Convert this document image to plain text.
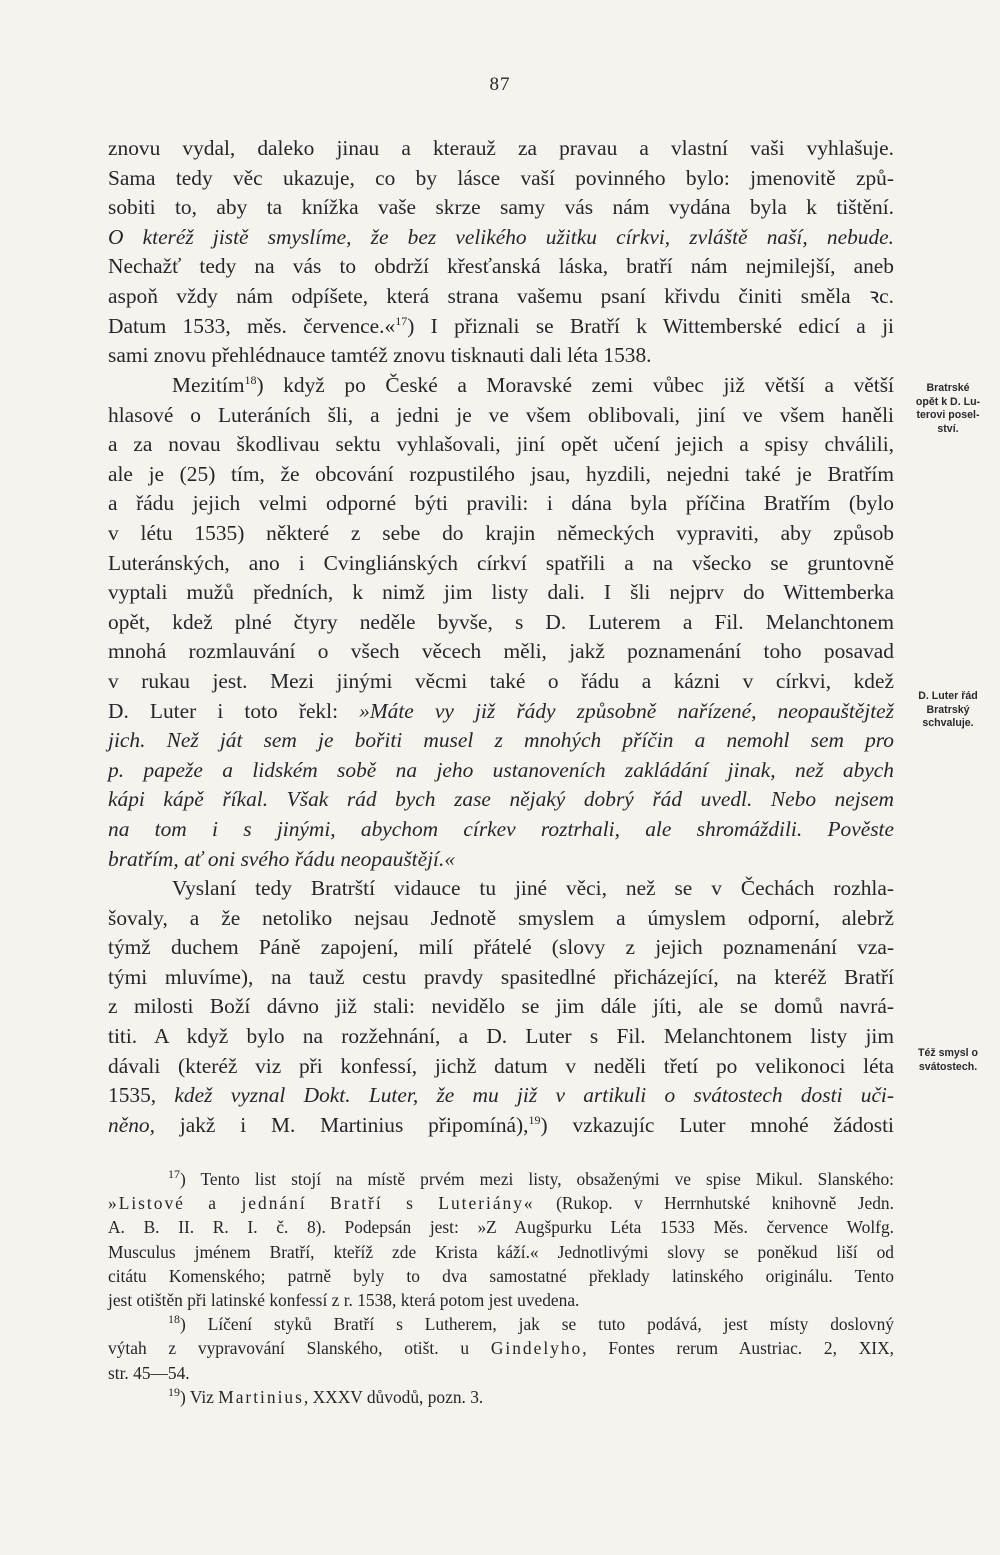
87
znovu vydal, daleko jinau a kterauž za pravau a vlastní vaši vyhlašuje.
Sama tedy věc ukazuje, co by lásce vaší povinného bylo: jmenovitě způ-
sobiti to, aby ta knížka vaše skrze samy vás nám vydána byla k tištění.
O kteréž jistě smyslíme, že bez velikého užitku církvi, zvláště naší, nebude.
Nechažť tedy na vás to obdrží křesťanská láska, bratří nám nejmilejší, aneb
aspoň vždy nám odpíšete, která strana vašemu psaní křivdu činiti směla ꝛc.
Datum 1533, měs. července.«$^{17}$) I přiznali se Bratří k Wittemberské edicí a ji
sami znovu přehlédnauce tamtéž znovu tisknauti dali léta 1538.
Mezitím$^{18}$) když po České a Moravské zemi vůbec již větší a větší
hlasové o Luteráních šli, a jedni je ve všem oblibovali, jiní ve všem haněli
a za novau škodlivau sektu vyhlašovali, jiní opět učení jejich a spisy chválili,
ale je (25) tím, že obcování rozpustilého jsau, hyzdili, nejedni také je Bratřím
a řádu jejich velmi odporné býti pravili: i dána byla příčina Bratřím (bylo
v létu 1535) některé z sebe do krajin německých vypraviti, aby způsob
Luteránských, ano i Cvingliánských církví spatřili a na všecko se gruntovně
vyptali mužů předních, k nimž jim listy dali. I šli nejprv do Wittemberka
opět, kdež plné čtyry neděle byvše, s D. Luterem a Fil. Melanchtonem
mnohá rozmlauvání o všech věcech měli, jakž poznamenání toho posavad
v rukau jest. Mezi jinými věcmi také o řádu a kázni v církvi, kdež
D. Luter i toto řekl: »Máte vy již řády způsobně nařízené, neopauštějtež
jich. Než ját sem je bořiti musel z mnohých příčin a nemohl sem pro
p. papeže a lidském sobě na jeho ustanoveních zakládání jinak, než abych
kápi kápě říkal. Však rád bych zase nějaký dobrý řád uvedl. Nebo nejsem
na tom i s jinými, abychom církev roztrhali, ale shromáždili. Pověste
bratřím, ať oni svého řádu neopauštějí.«
Vyslaní tedy Bratrští vidauce tu jiné věci, než se v Čechách rozhla-
šovaly, a že netoliko nejsau Jednotě smyslem a úmyslem odporní, alebrž
týmž duchem Páně zapojení, milí přátelé (slovy z jejich poznamenání vza-
tými mluvíme), na tauž cestu pravdy spasitedlné přicházející, na kteréž Bratří
z milosti Boží dávno již stali: nevidělo se jim dále jíti, ale se domů navrá-
titi. A když bylo na rozžehnání, a D. Luter s Fil. Melanchtonem listy jim
dávali (kteréž viz při konfessí, jichž datum v neděli třetí po velikonoci léta
1535, kdež vyznal Dokt. Luter, že mu již v artikuli o svátostech dosti uči-
něno, jakž i M. Martinius připomíná),$^{19}$) vzkazujíc Luter mnohé žádosti
$^{17}$) Tento list stojí na místě prvém mezi listy, obsaženými ve spise Mikul. Slanského:
»Listové a jednání Bratří s Luteriány« (Rukop. v Herrnhutské knihovně Jedn.
A. B. II. R. I. č. 8). Podepsán jest: »Z Augšpurku Léta 1533 Měs. července Wolfg.
Musculus jménem Bratří, kteříž zde Krista káží.« Jednotlivými slovy se poněkud liší od
citátu Komenského; patrně byly to dva samostatné překlady latinského originálu. Tento
jest otištěn při latinské konfessí z r. 1538, která potom jest uvedena.
$^{18}$) Líčení styků Bratří s Lutherem, jak se tuto podává, jest místy doslovný
výtah z vypravování Slanského, otišt. u Gindelyho, Fontes rerum Austriac. 2, XIX,
str. 45—54.
$^{19}$) Viz Martinius, XXXV důvodů, pozn. 3.
Bratrské
opět k D. Lu-
terovi posel-
ství.
D. Luter řád
Bratrský
schvaluje.
Též smysl o
svátostech.
